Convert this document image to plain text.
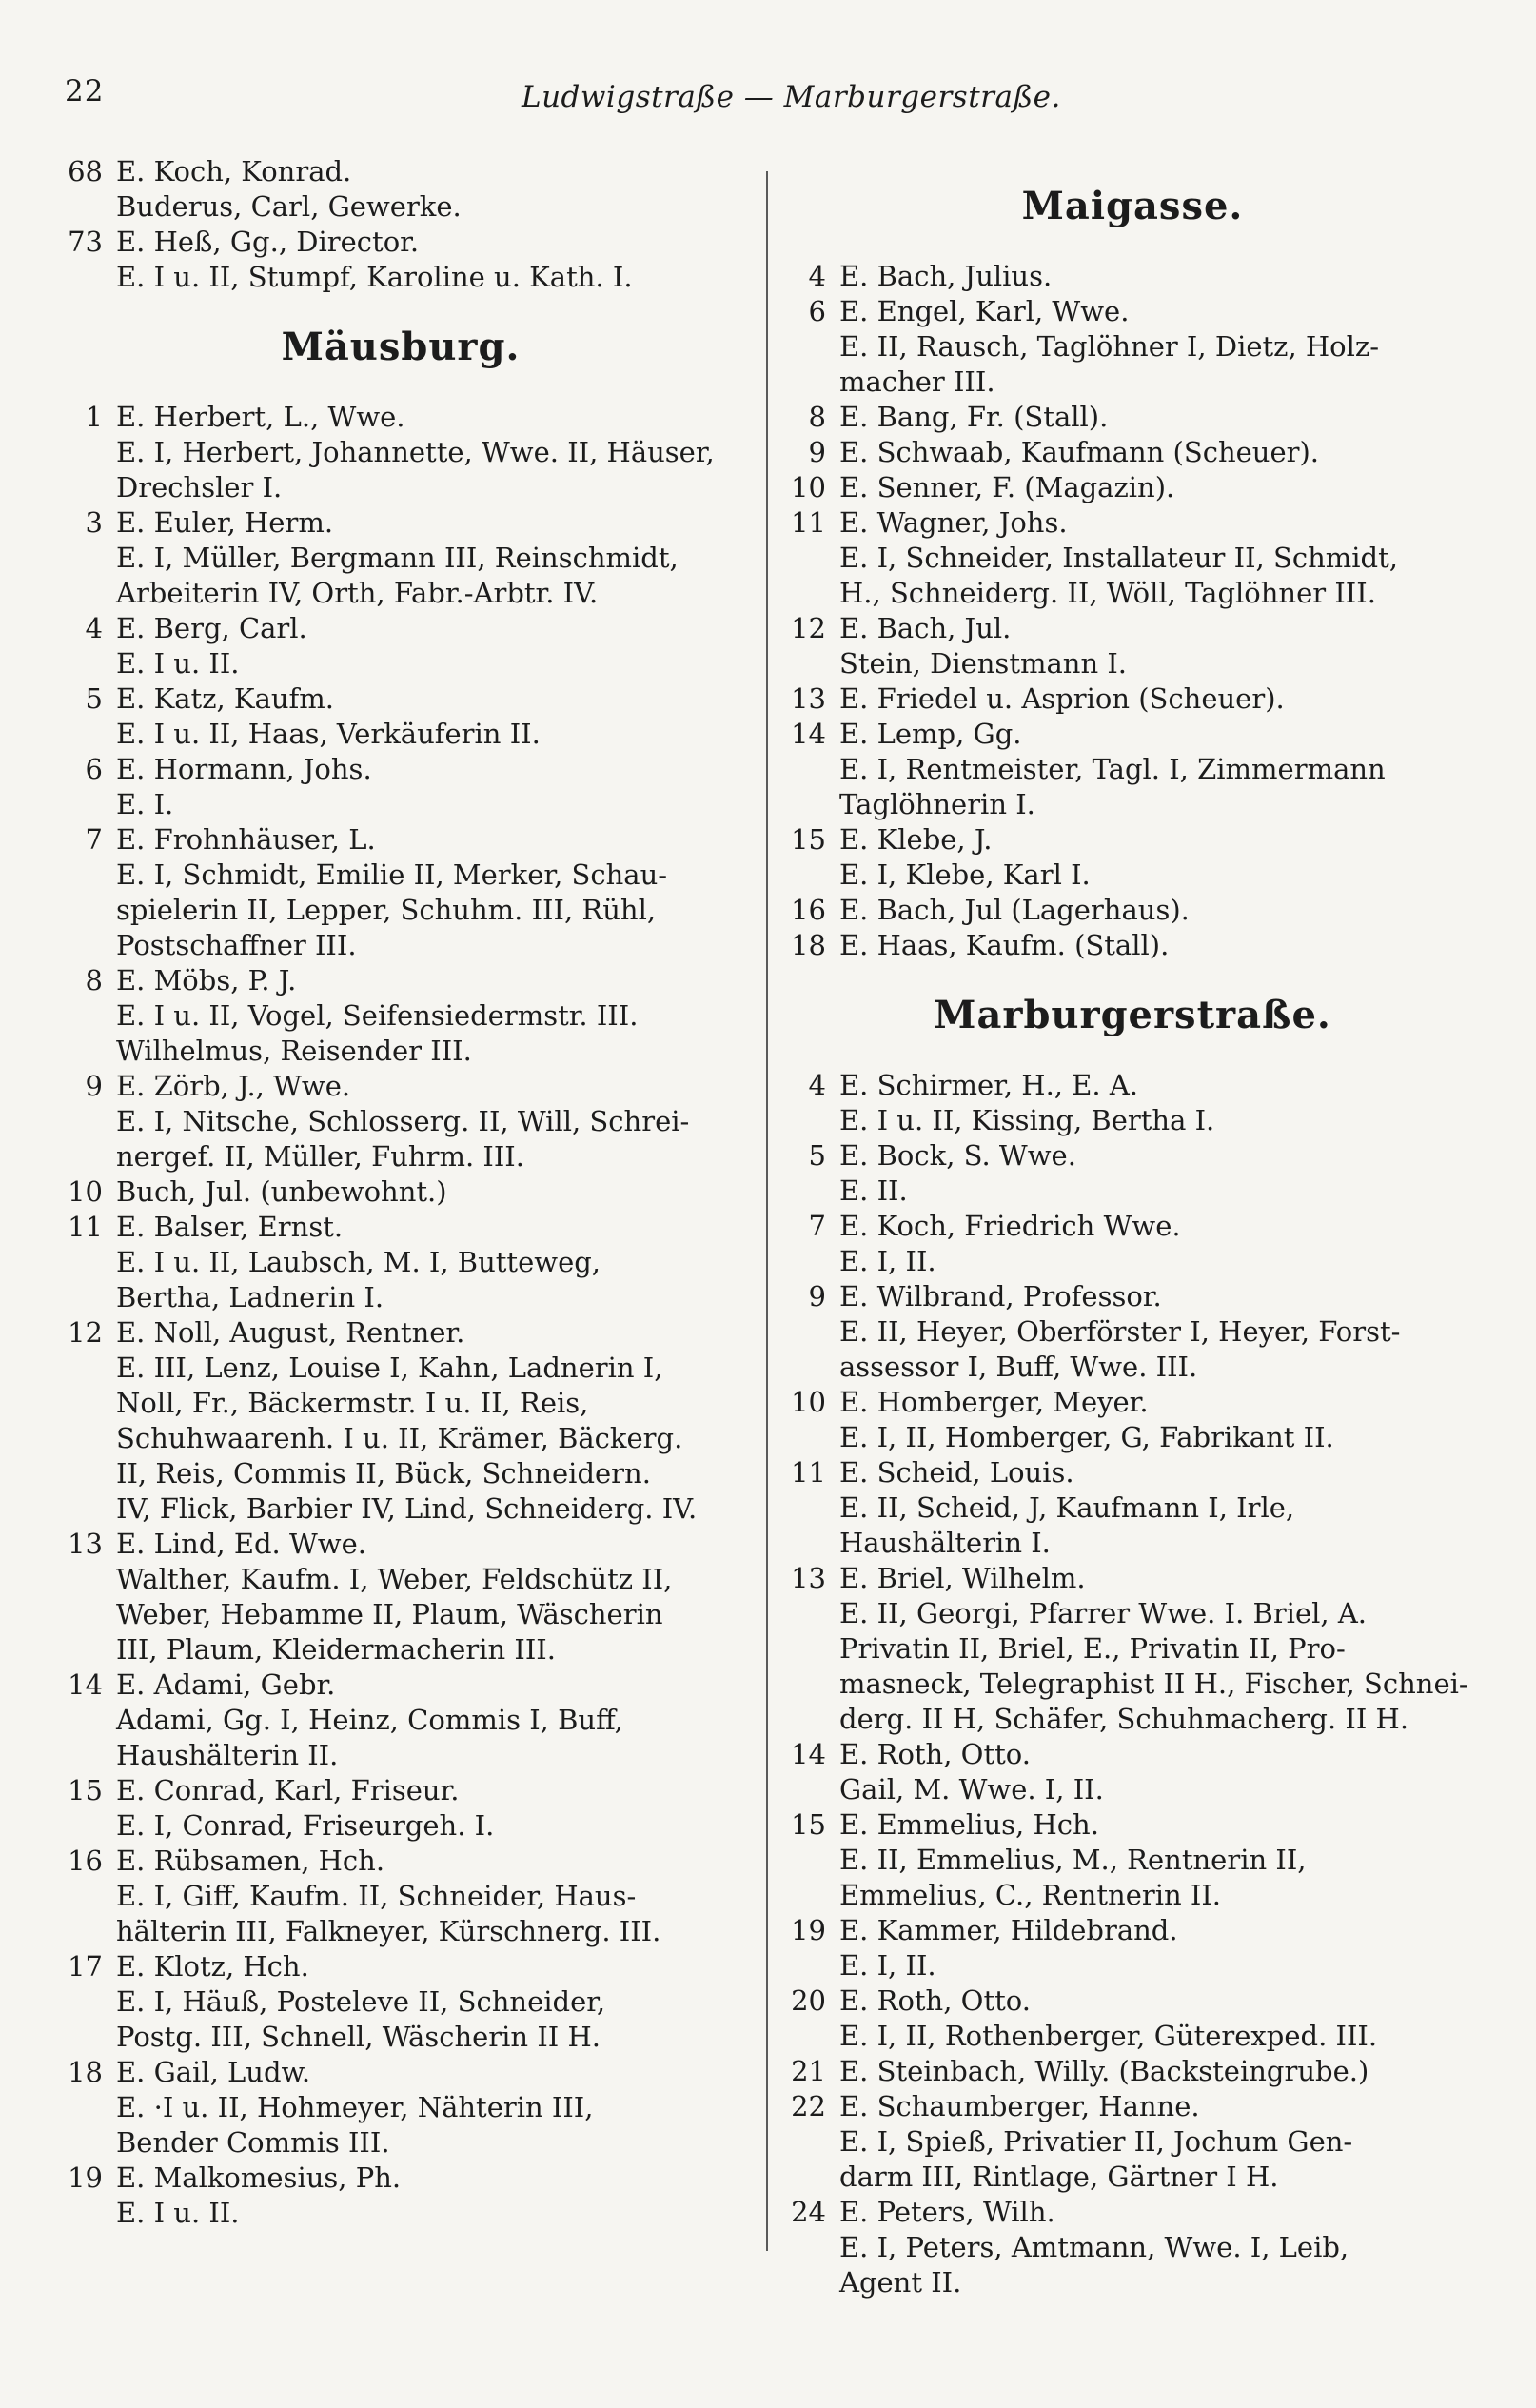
22	Ludwigstraße — Marburgerstraße.
68 E. Koch, Konrad.
Buderus, Carl, Gewerke.
73 E. Heß, Gg., Director.
E. I u. II, Stumpf, Karoline u. Kath. I.
Mäusburg.
1 E. Herbert, L., Wwe.
E. I, Herbert, Johannette, Wwe. II, Häuser,
Drechsler I.
3 E. Euler, Herm.
E. I, Müller, Bergmann III, Reinschmidt,
Arbeiterin IV, Orth, Fabr.-Arbtr. IV.
4 E. Berg, Carl.
E. I u. II.
5 E. Katz, Kaufm.
E. I u. II, Haas, Verkäuferin II.
6 E. Hormann, Johs.
E. I.
7 E. Frohnhäuser, L.
E. I, Schmidt, Emilie II, Merker, Schau-
spielerin II, Lepper, Schuhm. III, Rühl,
Postschaffner III.
8 E. Möbs, P. J.
E. I u. II, Vogel, Seifensiedermstr. III.
Wilhelmus, Reisender III.
9 E. Zörb, J., Wwe.
E. I, Nitsche, Schlosserg. II, Will, Schrei-
nergef. II, Müller, Fuhrm. III.
10 Buch, Jul. (unbewohnt.)
11 E. Balser, Ernst.
E. I u. II, Laubsch, M. I, Butteweg,
Bertha, Ladnerin I.
12 E. Noll, August, Rentner.
E. III, Lenz, Louise I, Kahn, Ladnerin I,
Noll, Fr., Bäckermstr. I u. II, Reis,
Schuhwaarenh. I u. II, Krämer, Bäckerg.
II, Reis, Commis II, Bück, Schneidern.
IV, Flick, Barbier IV, Lind, Schneiderg. IV.
13 E. Lind, Ed. Wwe.
Walther, Kaufm. I, Weber, Feldschütz II,
Weber, Hebamme II, Plaum, Wäscherin
III, Plaum, Kleidermacherin III.
14 E. Adami, Gebr.
Adami, Gg. I, Heinz, Commis I, Buff,
Haushälterin II.
15 E. Conrad, Karl, Friseur.
E. I, Conrad, Friseurgeh. I.
16 E. Rübsamen, Hch.
E. I, Giff, Kaufm. II, Schneider, Haus-
hälterin III, Falkneyer, Kürschnerg. III.
17 E. Klotz, Hch.
E. I, Häuß, Posteleve II, Schneider,
Postg. III, Schnell, Wäscherin II H.
18 E. Gail, Ludw.
E. ·I u. II, Hohmeyer, Nähterin III,
Bender Commis III.
19 E. Malkomesius, Ph.
E. I u. II.
Maigasse.
4 E. Bach, Julius.
6 E. Engel, Karl, Wwe.
E. II, Rausch, Taglöhner I, Dietz, Holz-
macher III.
8 E. Bang, Fr. (Stall).
9 E. Schwaab, Kaufmann (Scheuer).
10 E. Senner, F. (Magazin).
11 E. Wagner, Johs.
E. I, Schneider, Installateur II, Schmidt,
H., Schneiderg. II, Wöll, Taglöhner III.
12 E. Bach, Jul.
Stein, Dienstmann I.
13 E. Friedel u. Asprion (Scheuer).
14 E. Lemp, Gg.
E. I, Rentmeister, Tagl. I, Zimmermann
Taglöhnerin I.
15 E. Klebe, J.
E. I, Klebe, Karl I.
16 E. Bach, Jul (Lagerhaus).
18 E. Haas, Kaufm. (Stall).
Marburgerstraße.
4 E. Schirmer, H., E. A.
E. I u. II, Kissing, Bertha I.
5 E. Bock, S. Wwe.
E. II.
7 E. Koch, Friedrich Wwe.
E. I, II.
9 E. Wilbrand, Professor.
E. II, Heyer, Oberförster I, Heyer, Forst-
assessor I, Buff, Wwe. III.
10 E. Homberger, Meyer.
E. I, II, Homberger, G, Fabrikant II.
11 E. Scheid, Louis.
E. II, Scheid, J, Kaufmann I, Irle,
Haushälterin I.
13 E. Briel, Wilhelm.
E. II, Georgi, Pfarrer Wwe. I. Briel, A.
Privatin II, Briel, E., Privatin II, Pro-
masneck, Telegraphist II H., Fischer, Schnei-
derg. II H, Schäfer, Schuhmacherg. II H.
14 E. Roth, Otto.
Gail, M. Wwe. I, II.
15 E. Emmelius, Hch.
E. II, Emmelius, M., Rentnerin II,
Emmelius, C., Rentnerin II.
19 E. Kammer, Hildebrand.
E. I, II.
20 E. Roth, Otto.
E. I, II, Rothenberger, Güterexped. III.
21 E. Steinbach, Willy. (Backsteingrube.)
22 E. Schaumberger, Hanne.
E. I, Spieß, Privatier II, Jochum Gen-
darm III, Rintlage, Gärtner I H.
24 E. Peters, Wilh.
E. I, Peters, Amtmann, Wwe. I, Leib,
Agent II.
